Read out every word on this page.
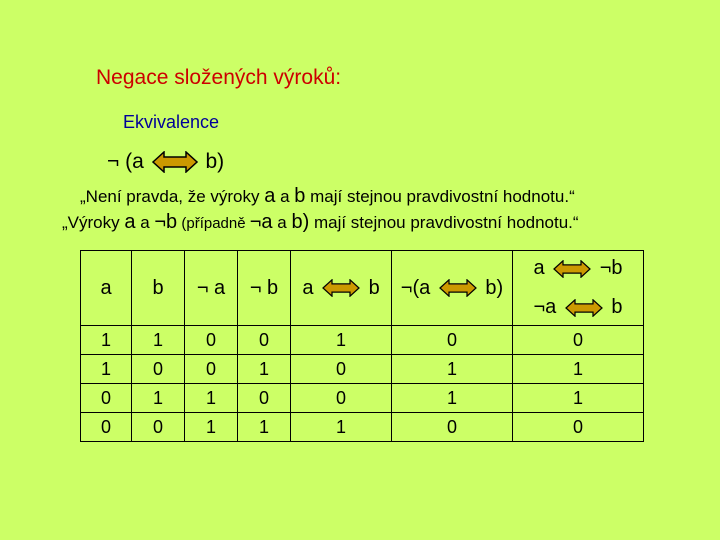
Negace složených výroků:
Ekvivalence
¬ (a	b)
„Není pravda, že výroky a a b mají stejnou pravdivostní hodnotu.“
„Výroky a a ¬b (případně ¬a a b) mají stejnou pravdivostní hodnotu.“
a	b	¬ a	¬ b	a b	¬(a b)	a ¬b
¬a b

1	1	0	0	1	0	0
1	0	0	1	0	1	1
0	1	1	0	0	1	1
0	0	1	1	1	0	0
